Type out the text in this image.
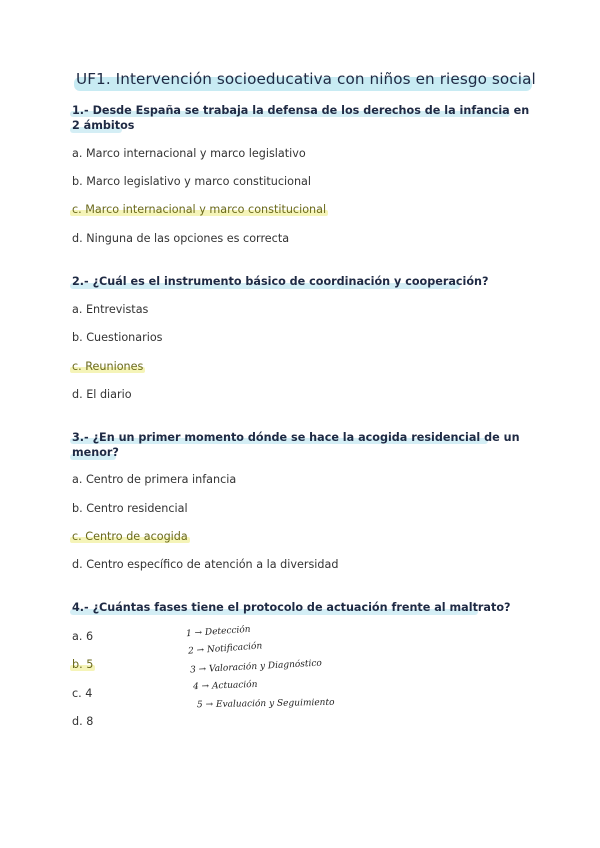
UF1. Intervención socioeducativa con niños en riesgo social
1.- Desde España se trabaja la defensa de los derechos de la infancia en 2 ámbitos
a. Marco internacional y marco legislativo
b. Marco legislativo y marco constitucional
c. Marco internacional y marco constitucional
d. Ninguna de las opciones es correcta
2.- ¿Cuál es el instrumento básico de coordinación y cooperación?
a. Entrevistas
b. Cuestionarios
c. Reuniones
d. El diario
3.- ¿En un primer momento dónde se hace la acogida residencial de un menor?
a. Centro de primera infancia
b. Centro residencial
c. Centro de acogida
d. Centro específico de atención a la diversidad
4.- ¿Cuántas fases tiene el protocolo de actuación frente al maltrato?
a. 6
b. 5
c. 4
d. 8
1 → Detección
2 → Notificación
3 → Valoración y Diagnóstico
4 → Actuación
5 → Evaluación y Seguimiento
